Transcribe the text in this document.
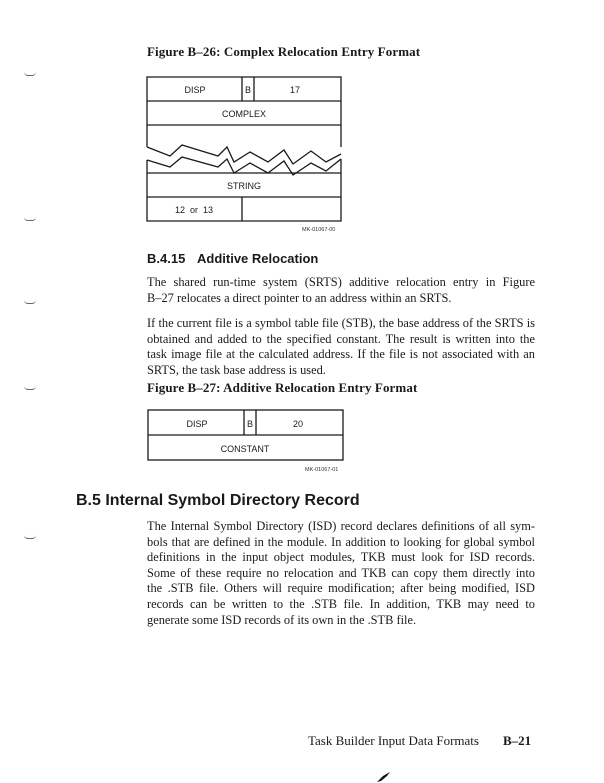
Figure B–26: Complex Relocation Entry Format
DISP	B	17
COMPLEX
STRING
12  or  13
MK-01067-00
B.4.15 Additive Relocation
The shared run-time system (SRTS) additive relocation entry in Figure
B–27 relocates a direct pointer to an address within an SRTS.
If the current file is a symbol table file (STB), the base address of the SRTS is
obtained and added to the specified constant. The result is written into the
task image file at the calculated address. If the file is not associated with an
SRTS, the task base address is used.
Figure B–27: Additive Relocation Entry Format
DISP	B	20
CONSTANT
MK-01067-01
B.5 Internal Symbol Directory Record
The Internal Symbol Directory (ISD) record declares definitions of all sym-
bols that are defined in the module. In addition to looking for global symbol
definitions in the input object modules, TKB must look for ISD records.
Some of these require no relocation and TKB can copy them directly into
the .STB file. Others will require modification; after being modified, ISD
records can be written to the .STB file. In addition, TKB may need to
generate some ISD records of its own in the .STB file.
Task Builder Input Data Formats B–21
